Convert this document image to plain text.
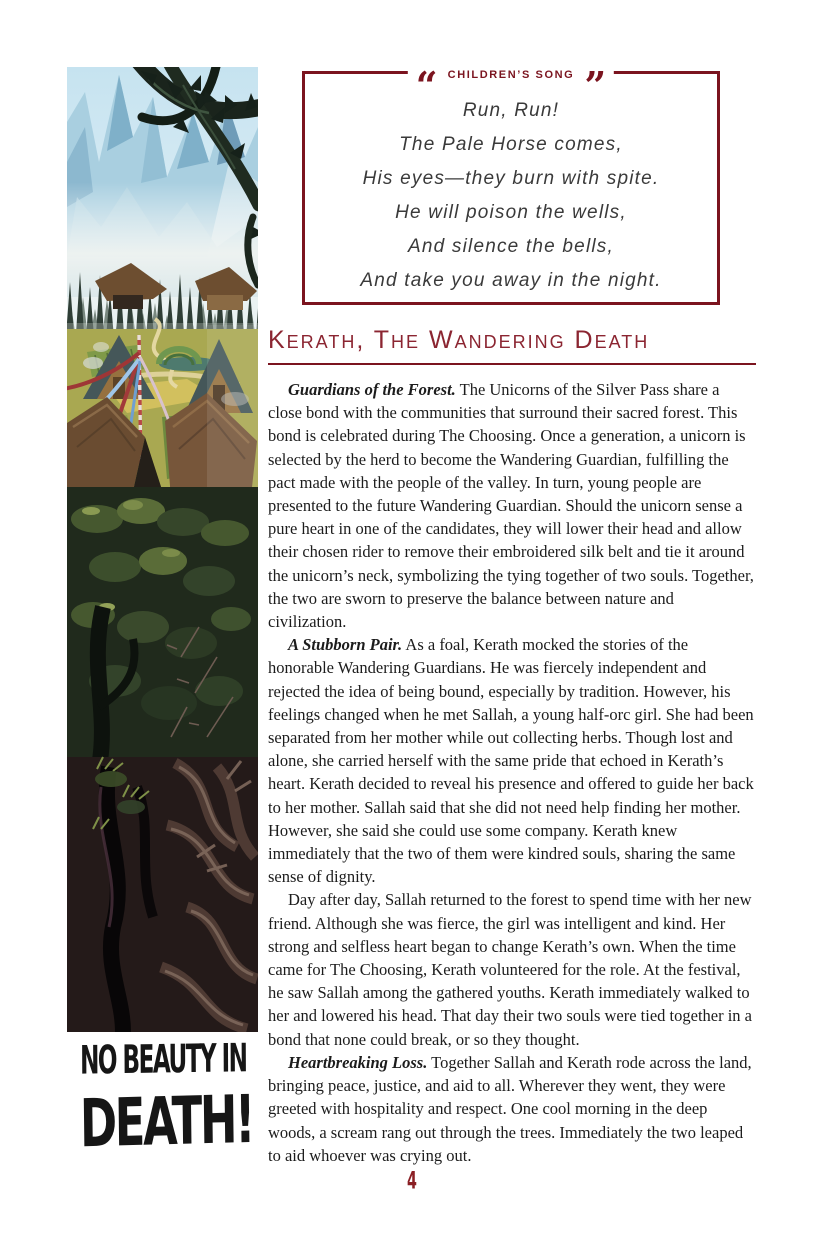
NO BEAUTY IN
DEATH!
“ CHILDREN’S SONG ”
Run, Run!
The Pale Horse comes,
His eyes—they burn with spite.
He will poison the wells,
And silence the bells,
And take you away in the night.
Kerath, The Wandering Death

Guardians of the Forest. The Unicorns of the Silver Pass share a close bond with the communities that surround their sacred forest. This bond is celebrated during The Choosing. Once a generation, a unicorn is selected by the herd to become the Wandering Guardian, fulfilling the pact made with the people of the valley. In turn, young people are presented to the future Wandering Guardian. Should the unicorn sense a pure heart in one of the candidates, they will lower their head and allow their chosen rider to remove their embroidered silk belt and tie it around the unicorn’s neck, symbolizing the tying together of two souls. Together, the two are sworn to preserve the balance between nature and civilization.

A Stubborn Pair. As a foal, Kerath mocked the stories of the honorable Wandering Guardians. He was fiercely independent and rejected the idea of being bound, especially by tradition. However, his feelings changed when he met Sallah, a young half-orc girl. She had been separated from her mother while out collecting herbs. Though lost and alone, she carried herself with the same pride that echoed in Kerath’s heart. Kerath decided to reveal his presence and offered to guide her back to her mother. Sallah said that she did not need help finding her mother. However, she said she could use some company. Kerath knew immediately that the two of them were kindred souls, sharing the same sense of dignity.

Day after day, Sallah returned to the forest to spend time with her new friend. Although she was fierce, the girl was intelligent and kind. Her strong and selfless heart began to change Kerath’s own. When the time came for The Choosing, Kerath volunteered for the role. At the festival, he saw Sallah among the gathered youths. Kerath immediately walked to her and lowered his head. That day their two souls were tied together in a bond that none could break, or so they thought.

Heartbreaking Loss. Together Sallah and Kerath rode across the land, bringing peace, justice, and aid to all. Wherever they went, they were greeted with hospitality and respect. One cool morning in the deep woods, a scream rang out through the trees. Immediately the two leaped to aid whoever was crying out.

4
